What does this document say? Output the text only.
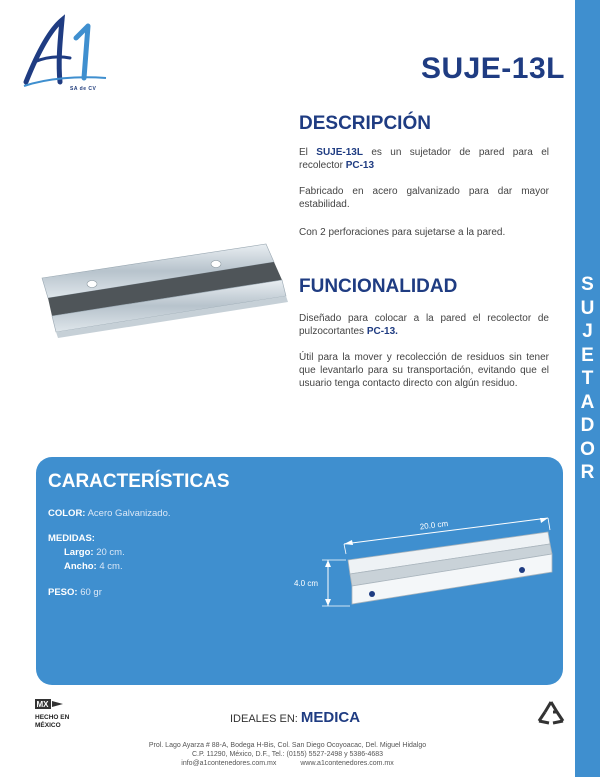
S
U
J
E
T
A
D
O
R
SA de CV
SUJE-13L
DESCRIPCIÓN
El SUJE-13L es un sujetador de pared para el recolector PC-13
Fabricado en acero galvanizado para dar mayor estabilidad.
Con 2 perforaciones para sujetarse a la pared.
FUNCIONALIDAD
Diseñado para colocar a la pared el recolector de pulzocortantes PC-13.
Útil para la mover y recolección de residuos sin tener que levantarlo para su transportación, evitando que el usuario tenga contacto directo con algún residuo.
CARACTERÍSTICAS
COLOR: Acero Galvanizado.
MEDIDAS:
Largo: 20 cm.
Ancho: 4 cm.
PESO: 60 gr
20.0 cm
4.0 cm
MX
HECHO EN
MÉXICO
IDEALES EN: MEDICA
Prol. Lago Ayarza # 88-A, Bodega H-Bis, Col. San Diego Ocoyoacac, Del. Miguel Hidalgo
C.P. 11290, México, D.F., Tel.: (0155) 5527-2498 y 5386-4683
info@a1contenedores.com.mx	www.a1contenedores.com.mx
